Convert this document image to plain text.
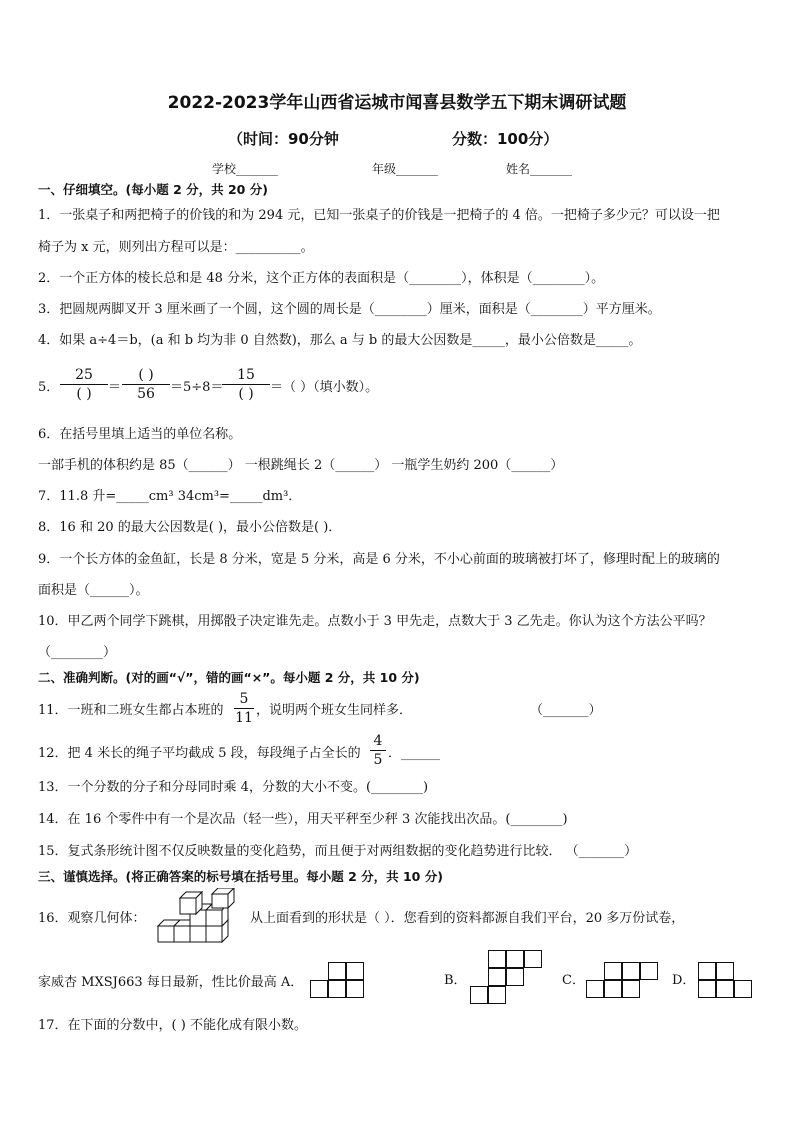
2022-2023学年山西省运城市闻喜县数学五下期末调研试题
（时间：90分钟	分数：100分）
学校_______	年级_______	姓名_______
一、仔细填空。(每小题 2 分，共 20 分)
1．一张桌子和两把椅子的价钱的和为 294 元，已知一张桌子的价钱是一把椅子的 4 倍。一把椅子多少元？可以设一把
椅子为 x 元，则列出方程可以是：__________。
2．一个正方体的棱长总和是 48 分米，这个正方体的表面积是（________），体积是（________）。
3．把圆规两脚叉开 3 厘米画了一个圆，这个圆的周长是（________）厘米，面积是（________）平方厘米。
4．如果 a÷4＝b，(a 和 b 均为非 0 自然数)，那么 a 与 b 的最大公因数是_____，最小公倍数是_____。
5．
25
( )	＝
( )
56	＝5÷8＝
15
( )	＝（ ）（填小数）。
6．在括号里填上适当的单位名称。
一部手机的体积约是 85（______） 一根跳绳长 2（______） 一瓶学生奶约 200（______）
7．11.8 升=_____cm³ 34cm³=_____dm³．
8．16 和 20 的最大公因数是( )，最小公倍数是( )．
9．一个长方体的金鱼缸，长是 8 分米，宽是 5 分米，高是 6 分米，不小心前面的玻璃被打坏了，修理时配上的玻璃的
面积是（______）。
10．甲乙两个同学下跳棋，用掷骰子决定谁先走。点数小于 3 甲先走，点数大于 3 乙先走。你认为这个方法公平吗？
（________）
二、准确判断。(对的画“√”，错的画“×”。每小题 2 分，共 10 分)
11．一班和二班女生都占本班的
5
11 ，说明两个班女生同样多．	（_______）
12．把 4 米长的绳子平均截成 5 段，每段绳子占全长的
4
5 ．______
13．一个分数的分子和分母同时乘 4，分数的大小不变。(________)
14．在 16 个零件中有一个是次品（轻一些），用天平秤至少秤 3 次能找出次品。(________)
15．复式条形统计图不仅反映数量的变化趋势，而且便于对两组数据的变化趋势进行比较． （_______）
三、谨慎选择。(将正确答案的标号填在括号里。每小题 2 分，共 10 分)
16．观察几何体：	从上面看到的形状是（ ）．您看到的资料都源自我们平台，20 多万份试卷，
家威杏 MXSJ663 每日最新，性比价最高 A．	B．	C．	D．
17．在下面的分数中，( ) 不能化成有限小数。
